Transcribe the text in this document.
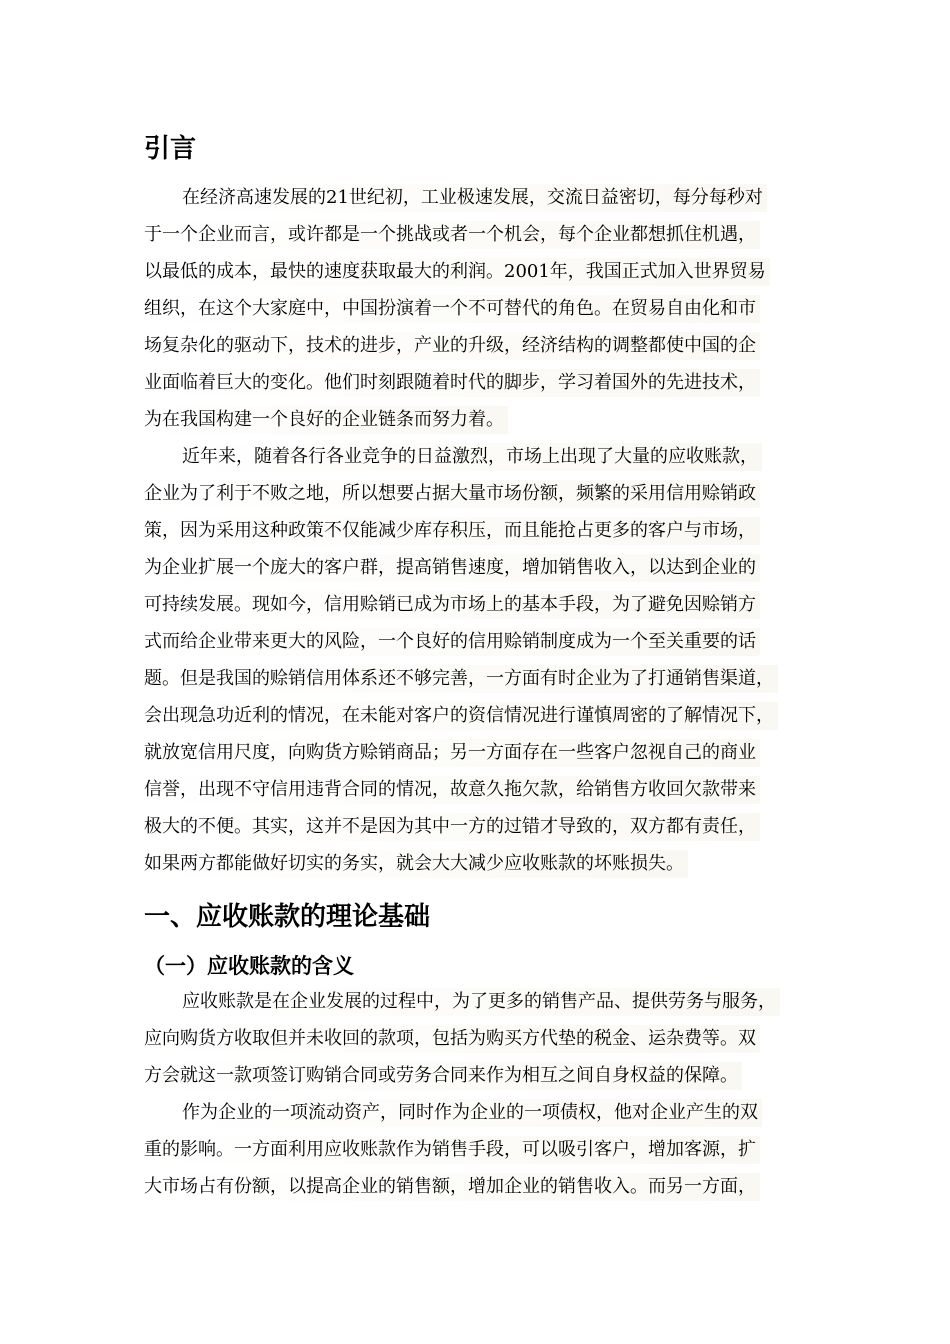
引言

在经济高速发展的21世纪初，工业极速发展，交流日益密切，每分每秒对

于一个企业而言，或许都是一个挑战或者一个机会，每个企业都想抓住机遇，

以最低的成本，最快的速度获取最大的利润。2001年，我国正式加入世界贸易

组织，在这个大家庭中，中国扮演着一个不可替代的角色。在贸易自由化和市

场复杂化的驱动下，技术的进步，产业的升级，经济结构的调整都使中国的企

业面临着巨大的变化。他们时刻跟随着时代的脚步，学习着国外的先进技术，

为在我国构建一个良好的企业链条而努力着。

近年来，随着各行各业竞争的日益激烈，市场上出现了大量的应收账款，

企业为了利于不败之地，所以想要占据大量市场份额，频繁的采用信用赊销政

策，因为采用这种政策不仅能减少库存积压，而且能抢占更多的客户与市场，

为企业扩展一个庞大的客户群，提高销售速度，增加销售收入，以达到企业的

可持续发展。现如今，信用赊销已成为市场上的基本手段，为了避免因赊销方

式而给企业带来更大的风险，一个良好的信用赊销制度成为一个至关重要的话

题。但是我国的赊销信用体系还不够完善，一方面有时企业为了打通销售渠道，

会出现急功近利的情况，在未能对客户的资信情况进行谨慎周密的了解情况下，

就放宽信用尺度，向购货方赊销商品；另一方面存在一些客户忽视自己的商业

信誉，出现不守信用违背合同的情况，故意久拖欠款，给销售方收回欠款带来

极大的不便。其实，这并不是因为其中一方的过错才导致的，双方都有责任，

如果两方都能做好切实的务实，就会大大减少应收账款的坏账损失。

一、应收账款的理论基础
（一）应收账款的含义

应收账款是在企业发展的过程中，为了更多的销售产品、提供劳务与服务，

应向购货方收取但并未收回的款项，包括为购买方代垫的税金、运杂费等。双

方会就这一款项签订购销合同或劳务合同来作为相互之间自身权益的保障。

作为企业的一项流动资产，同时作为企业的一项债权，他对企业产生的双

重的影响。一方面利用应收账款作为销售手段，可以吸引客户，增加客源，扩

大市场占有份额，以提高企业的销售额，增加企业的销售收入。而另一方面，
